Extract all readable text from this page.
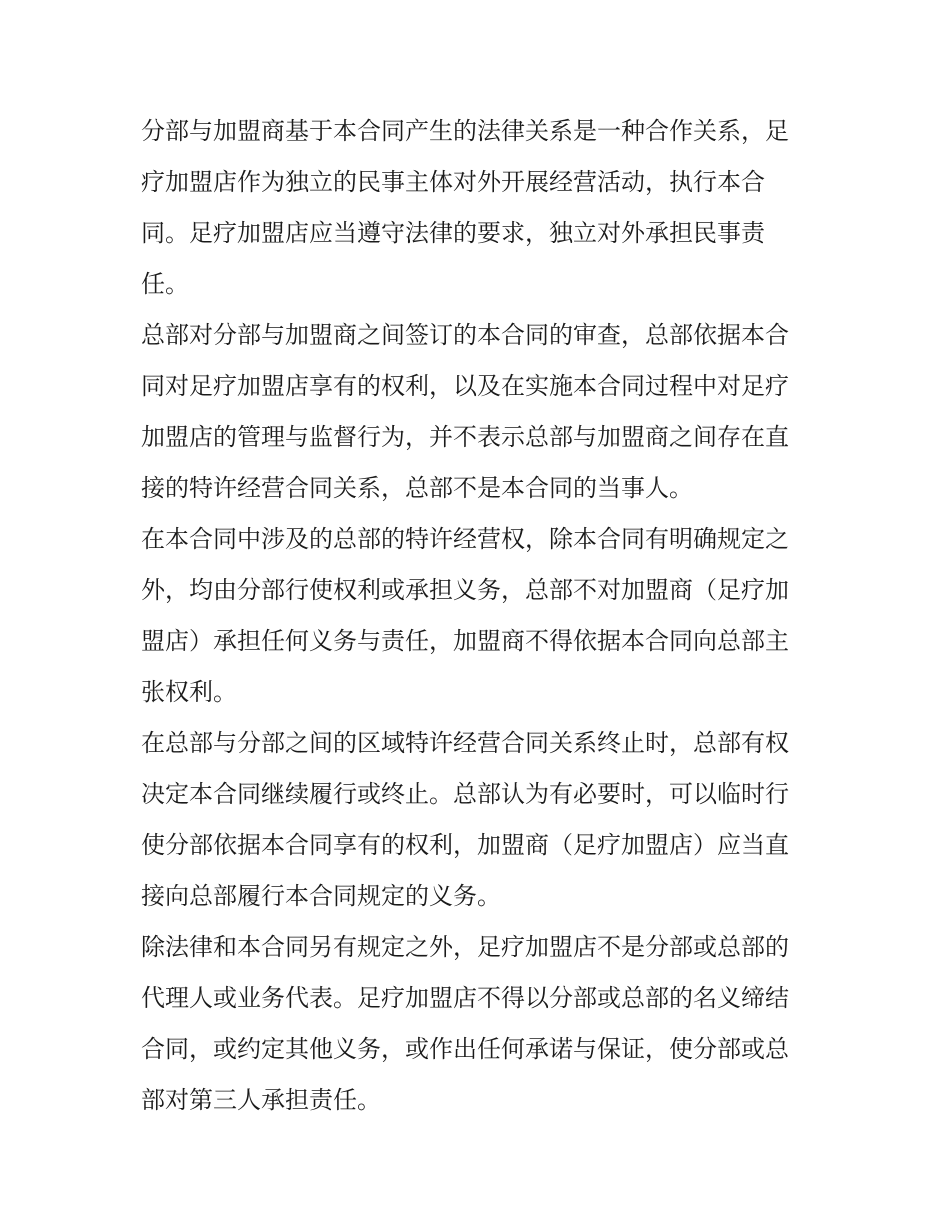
分部与加盟商基于本合同产生的法律关系是一种合作关系，足
疗加盟店作为独立的民事主体对外开展经营活动，执行本合
同。足疗加盟店应当遵守法律的要求，独立对外承担民事责
任。
总部对分部与加盟商之间签订的本合同的审查，总部依据本合
同对足疗加盟店享有的权利，以及在实施本合同过程中对足疗
加盟店的管理与监督行为，并不表示总部与加盟商之间存在直
接的特许经营合同关系，总部不是本合同的当事人。
在本合同中涉及的总部的特许经营权，除本合同有明确规定之
外，均由分部行使权利或承担义务，总部不对加盟商（足疗加
盟店）承担任何义务与责任，加盟商不得依据本合同向总部主
张权利。
在总部与分部之间的区域特许经营合同关系终止时，总部有权
决定本合同继续履行或终止。总部认为有必要时，可以临时行
使分部依据本合同享有的权利，加盟商（足疗加盟店）应当直
接向总部履行本合同规定的义务。
除法律和本合同另有规定之外，足疗加盟店不是分部或总部的
代理人或业务代表。足疗加盟店不得以分部或总部的名义缔结
合同，或约定其他义务，或作出任何承诺与保证，使分部或总
部对第三人承担责任。
